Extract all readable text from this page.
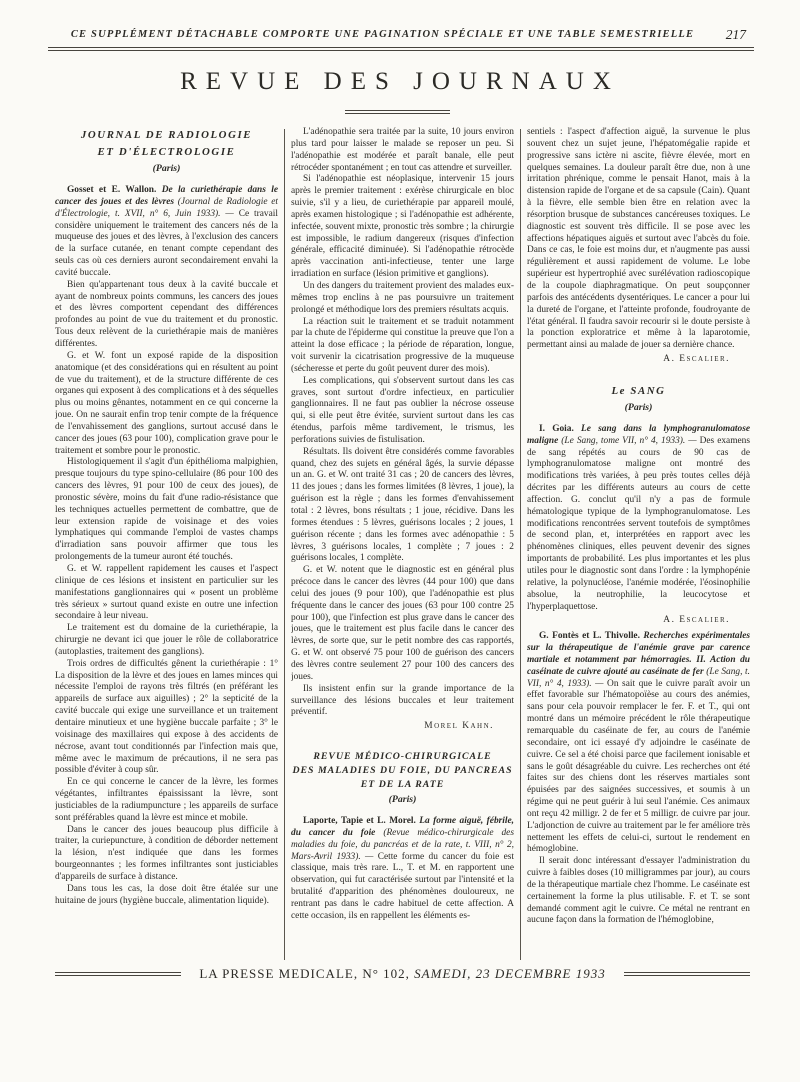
CE SUPPLÉMENT DÉTACHABLE COMPORTE UNE PAGINATION SPÉCIALE ET UNE TABLE SEMESTRIELLE	217
REVUE DES JOURNAUX
JOURNAL DE RADIOLOGIE
ET D'ÉLECTROLOGIE
(Paris)

Gosset et E. Wallon. De la curiethérapie dans le cancer des joues et des lèvres (Journal de Radiologie et d'Électrologie, t. XVII, n° 6, Juin 1933). — Ce travail considère uniquement le traitement des cancers nés de la muqueuse des joues et des lèvres, à l'exclusion des cancers de la surface cutanée, en tenant compte cependant des seuls cas où ces derniers auront secondairement envahi la cavité buccale.

Bien qu'appartenant tous deux à la cavité buccale et ayant de nombreux points communs, les cancers des joues et des lèvres comportent cependant des différences profondes au point de vue du traitement et du pronostic. Tous deux relèvent de la curiethérapie mais de manières différentes.

G. et W. font un exposé rapide de la disposition anatomique (et des considérations qui en résultent au point de vue du traitement), et de la structure différente de ces organes qui exposent à des complications et à des séquelles plus ou moins gênantes, notamment en ce qui concerne la joue. On ne saurait enfin trop tenir compte de la fréquence de l'envahissement des ganglions, surtout accusé dans le cancer des joues (63 pour 100), complication grave pour le traitement et sombre pour le pronostic.

Histologiquement il s'agit d'un épithélioma malpighien, presque toujours du type spino-cellulaire (86 pour 100 des cancers des lèvres, 91 pour 100 de ceux des joues), de pronostic sévère, moins du fait d'une radio-résistance que les techniques actuelles permettent de combattre, que de leur extension rapide de voisinage et des voies lymphatiques qui commande l'emploi de vastes champs d'irradiation sans pouvoir affirmer que tous les prolongements de la tumeur auront été touchés.

G. et W. rappellent rapidement les causes et l'aspect clinique de ces lésions et insistent en particulier sur les manifestations ganglionnaires qui « posent un problème très sérieux » surtout quand existe en outre une infection secondaire à leur niveau.

Le traitement est du domaine de la curiethérapie, la chirurgie ne devant ici que jouer le rôle de collaboratrice (autoplasties, traitement des ganglions).

Trois ordres de difficultés gênent la curiethérapie : 1° La disposition de la lèvre et des joues en lames minces qui nécessite l'emploi de rayons très filtrés (en préférant les appareils de surface aux aiguilles) ; 2° la septicité de la cavité buccale qui exige une surveillance et un traitement dentaire minutieux et une hygiène buccale parfaite ; 3° le voisinage des maxillaires qui expose à des accidents de nécrose, avant tout conditionnés par l'infection mais que, même avec le maximum de précautions, il ne sera pas possible d'éviter à coup sûr.

En ce qui concerne le cancer de la lèvre, les formes végétantes, infiltrantes épaississant la lèvre, sont justiciables de la radiumpuncture ; les appareils de surface sont préférables quand la lèvre est mince et mobile.

Dans le cancer des joues beaucoup plus difficile à traiter, la curiepuncture, à condition de déborder nettement la lésion, n'est indiquée que dans les formes bourgeonnantes ; les formes infiltrantes sont justiciables d'appareils de surface à distance.

Dans tous les cas, la dose doit être étalée sur une huitaine de jours (hygiène buccale, alimentation liquide).

L'adénopathie sera traitée par la suite, 10 jours environ plus tard pour laisser le malade se reposer un peu. Si l'adénopathie est modérée et paraît banale, elle peut rétrocéder spontanément ; en tout cas attendre et surveiller.

Si l'adénopathie est néoplasique, intervenir 15 jours après le premier traitement : exérèse chirurgicale en bloc suivie, s'il y a lieu, de curiethérapie par appareil moulé, après examen histologique ; si l'adénopathie est adhérente, infectée, souvent mixte, pronostic très sombre ; la chirurgie est impossible, le radium dangereux (risques d'infection générale, efficacité diminuée). Si l'adénopathie rétrocède après vaccination anti-infectieuse, tenter une large irradiation en surface (lésion primitive et ganglions).

Un des dangers du traitement provient des malades eux-mêmes trop enclins à ne pas poursuivre un traitement prolongé et méthodique lors des premiers résultats acquis.

La réaction suit le traitement et se traduit notamment par la chute de l'épiderme qui constitue la preuve que l'on a atteint la dose efficace ; la période de réparation, longue, voit survenir la cicatrisation progressive de la muqueuse (sécheresse et perte du goût peuvent durer des mois).

Les complications, qui s'observent surtout dans les cas graves, sont surtout d'ordre infectieux, en particulier ganglionnaires. Il ne faut pas oublier la nécrose osseuse qui, si elle peut être évitée, survient surtout dans les cas étendus, parfois même tardivement, le trismus, les perforations suivies de fistulisation.

Résultats. Ils doivent être considérés comme favorables quand, chez des sujets en général âgés, la survie dépasse un an. G. et W. ont traité 31 cas ; 20 de cancers des lèvres, 11 des joues ; dans les formes limitées (8 lèvres, 1 joue), la guérison est la règle ; dans les formes d'envahissement total : 2 lèvres, bons résultats ; 1 joue, récidive. Dans les formes étendues : 5 lèvres, guérisons locales ; 2 joues, 1 guérison récente ; dans les formes avec adénopathie : 5 lèvres, 3 guérisons locales, 1 complète ; 7 joues : 2 guérisons locales, 1 complète.

G. et W. notent que le diagnostic est en général plus précoce dans le cancer des lèvres (44 pour 100) que dans celui des joues (9 pour 100), que l'adénopathie est plus fréquente dans le cancer des joues (63 pour 100 contre 25 pour 100), que l'infection est plus grave dans le cancer des joues, que le traitement est plus facile dans le cancer des lèvres, de sorte que, sur le petit nombre des cas rapportés, G. et W. ont observé 75 pour 100 de guérison des cancers des lèvres contre seulement 27 pour 100 des cancers des joues.

Ils insistent enfin sur la grande importance de la surveillance des lésions buccales et leur traitement préventif.

Morel Kahn.

REVUE MÉDICO-CHIRURGICALE
DES MALADIES DU FOIE, DU PANCREAS
ET DE LA RATE
(Paris)

Laporte, Tapie et L. Morel. La forme aiguë, fébrile, du cancer du foie (Revue médico-chirurgicale des maladies du foie, du pancréas et de la rate, t. VIII, n° 2, Mars-Avril 1933). — Cette forme du cancer du foie est classique, mais très rare. L., T. et M. en rapportent une observation, qui fut caractérisée surtout par l'intensité et la brutalité d'apparition des phénomènes douloureux, ne rentrant pas dans le cadre habituel de cette affection. A cette occasion, ils en rappellent les éléments es-

sentiels : l'aspect d'affection aiguë, la survenue le plus souvent chez un sujet jeune, l'hépatomégalie rapide et progressive sans ictère ni ascite, fièvre élevée, mort en quelques semaines. La douleur paraît être due, non à une irritation phrénique, comme le pensait Hanot, mais à la distension rapide de l'organe et de sa capsule (Cain). Quant à la fièvre, elle semble bien être en relation avec la résorption brusque de substances cancéreuses toxiques. Le diagnostic est souvent très difficile. Il se pose avec les affections hépatiques aiguës et surtout avec l'abcès du foie. Dans ce cas, le foie est moins dur, et n'augmente pas aussi régulièrement et aussi rapidement de volume. Le lobe supérieur est hypertrophié avec surélévation radioscopique de la coupole diaphragmatique. On peut soupçonner parfois des antécédents dysentériques. Le cancer a pour lui la dureté de l'organe, et l'atteinte profonde, foudroyante de l'état général. Il faudra savoir recourir si le doute persiste à la ponction exploratrice et même à la laparotomie, permettant ainsi au malade de jouer sa dernière chance.

A. Escalier.

Le SANG
(Paris)

I. Goia. Le sang dans la lymphogranulomatose maligne (Le Sang, tome VII, n° 4, 1933). — Des examens de sang répétés au cours de 90 cas de lymphogranulomatose maligne ont montré des modifications très variées, à peu près toutes celles déjà décrites par les différents auteurs au cours de cette affection. G. conclut qu'il n'y a pas de formule hématologique typique de la lymphogranulomatose. Les modifications rencontrées servent toutefois de symptômes de second plan, et, interprétées en rapport avec les phénomènes cliniques, elles peuvent devenir des signes importants de probabilité. Les plus importantes et les plus utiles pour le diagnostic sont dans l'ordre : la lymphopénie relative, la polynucléose, l'anémie modérée, l'éosinophilie absolue, la neutrophilie, la leucocytose et l'hyperplaquettose.

A. Escalier.

G. Fontès et L. Thivolle. Recherches expérimentales sur la thérapeutique de l'anémie grave par carence martiale et notamment par hémorragies. II. Action du caséinate de cuivre ajouté au caséinate de fer (Le Sang, t. VII, n° 4, 1933). — On sait que le cuivre paraît avoir un effet favorable sur l'hématopoïèse au cours des anémies, sans pour cela pouvoir remplacer le fer. F. et T., qui ont montré dans un mémoire précédent le rôle thérapeutique remarquable du caséinate de fer, au cours de l'anémie secondaire, ont ici essayé d'y adjoindre le caséinate de cuivre. Ce sel a été choisi parce que facilement ionisable et sans le goût désagréable du cuivre. Les recherches ont été faites sur des chiens dont les réserves martiales sont épuisées par des saignées successives, et soumis à un régime qui ne peut guérir à lui seul l'anémie. Ces animaux ont reçu 42 milligr. 2 de fer et 5 milligr. de cuivre par jour. L'adjonction de cuivre au traitement par le fer améliore très nettement les effets de celui-ci, surtout le rendement en hémoglobine.

Il serait donc intéressant d'essayer l'administration du cuivre à faibles doses (10 milligrammes par jour), au cours de la thérapeutique martiale chez l'homme. Le caséinate est certainement la forme la plus utilisable. F. et T. se sont demandé comment agit le cuivre. Ce métal ne rentrant en aucune façon dans la formation de l'hémoglobine,

LA PRESSE MEDICALE, N° 102, SAMEDI, 23 DECEMBRE 1933
